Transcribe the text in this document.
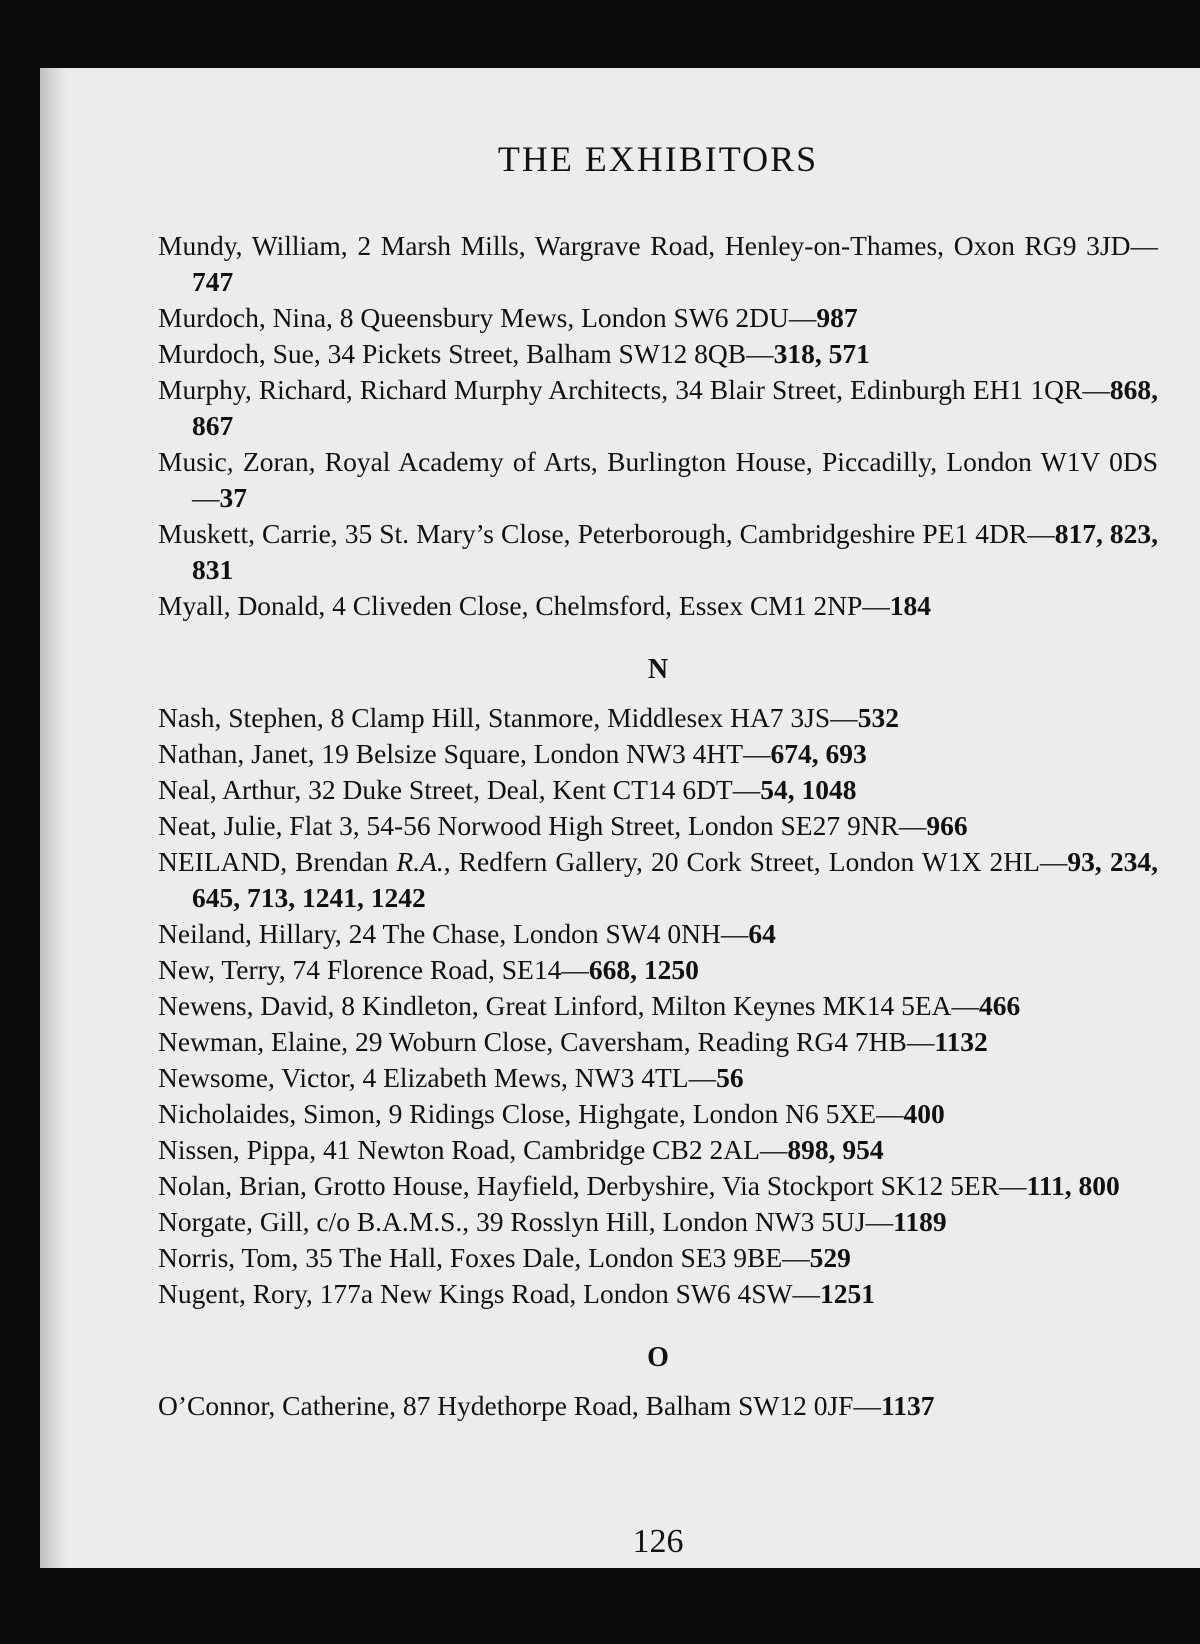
THE EXHIBITORS
Mundy, William, 2 Marsh Mills, Wargrave Road, Henley-on-Thames, Oxon RG9 3JD—747
Murdoch, Nina, 8 Queensbury Mews, London SW6 2DU—987
Murdoch, Sue, 34 Pickets Street, Balham SW12 8QB—318, 571
Murphy, Richard, Richard Murphy Architects, 34 Blair Street, Edinburgh EH1 1QR—868, 867
Music, Zoran, Royal Academy of Arts, Burlington House, Piccadilly, London W1V 0DS—37
Muskett, Carrie, 35 St. Mary’s Close, Peterborough, Cambridgeshire PE1 4DR—817, 823, 831
Myall, Donald, 4 Cliveden Close, Chelmsford, Essex CM1 2NP—184
N
Nash, Stephen, 8 Clamp Hill, Stanmore, Middlesex HA7 3JS—532
Nathan, Janet, 19 Belsize Square, London NW3 4HT—674, 693
Neal, Arthur, 32 Duke Street, Deal, Kent CT14 6DT—54, 1048
Neat, Julie, Flat 3, 54-56 Norwood High Street, London SE27 9NR—966
NEILAND, Brendan R.A., Redfern Gallery, 20 Cork Street, London W1X 2HL—93, 234, 645, 713, 1241, 1242
Neiland, Hillary, 24 The Chase, London SW4 0NH—64
New, Terry, 74 Florence Road, SE14—668, 1250
Newens, David, 8 Kindleton, Great Linford, Milton Keynes MK14 5EA—466
Newman, Elaine, 29 Woburn Close, Caversham, Reading RG4 7HB—1132
Newsome, Victor, 4 Elizabeth Mews, NW3 4TL—56
Nicholaides, Simon, 9 Ridings Close, Highgate, London N6 5XE—400
Nissen, Pippa, 41 Newton Road, Cambridge CB2 2AL—898, 954
Nolan, Brian, Grotto House, Hayfield, Derbyshire, Via Stockport SK12 5ER—111, 800
Norgate, Gill, c/o B.A.M.S., 39 Rosslyn Hill, London NW3 5UJ—1189
Norris, Tom, 35 The Hall, Foxes Dale, London SE3 9BE—529
Nugent, Rory, 177a New Kings Road, London SW6 4SW—1251
O
O’Connor, Catherine, 87 Hydethorpe Road, Balham SW12 0JF—1137
126
